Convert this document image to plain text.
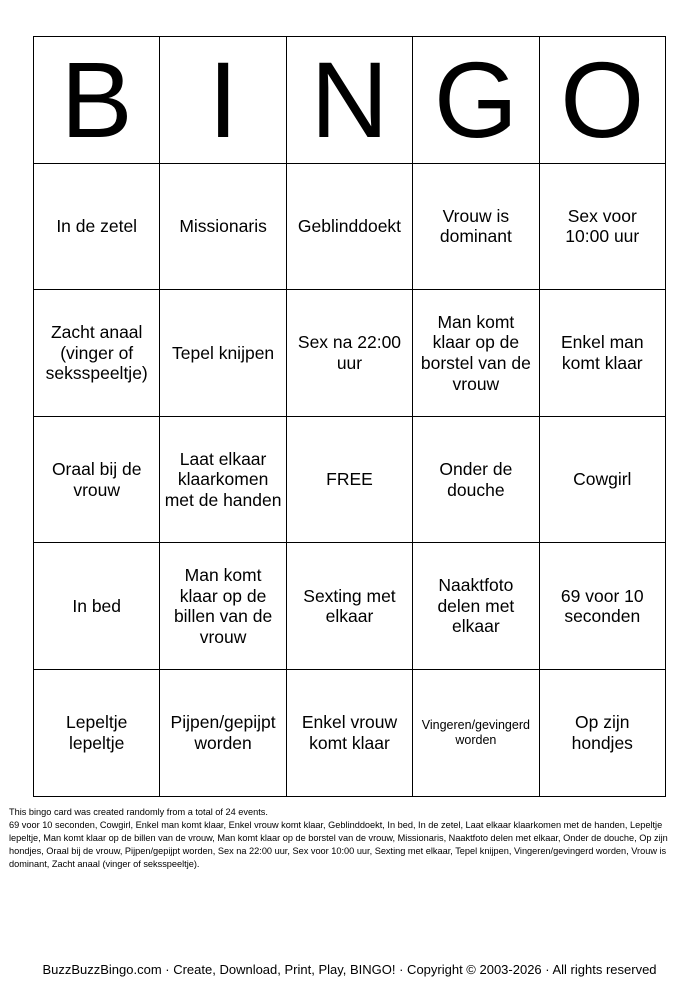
B	I	N	G	O
In de zetel	Missionaris	Geblinddoekt	Vrouw is dominant	Sex voor 10:00 uur
Zacht anaal (vinger of seksspeeltje)	Tepel knijpen	Sex na 22:00 uur	Man komt klaar op de borstel van de vrouw	Enkel man komt klaar
Oraal bij de vrouw	Laat elkaar klaarkomen met de handen	FREE	Onder de douche	Cowgirl
In bed	Man komt klaar op de billen van de vrouw	Sexting met elkaar	Naaktfoto delen met elkaar	69 voor 10 seconden
Lepeltje lepeltje	Pijpen/gepijpt worden	Enkel vrouw komt klaar	Vingeren/gevingerd worden	Op zijn hondjes
This bingo card was created randomly from a total of 24 events.
69 voor 10 seconden, Cowgirl, Enkel man komt klaar, Enkel vrouw komt klaar, Geblinddoekt, In bed, In de zetel, Laat elkaar klaarkomen met de handen, Lepeltje lepeltje, Man komt klaar op de billen van de vrouw, Man komt klaar op de borstel van de vrouw, Missionaris, Naaktfoto delen met elkaar, Onder de douche, Op zijn hondjes, Oraal bij de vrouw, Pijpen/gepijpt worden, Sex na 22:00 uur, Sex voor 10:00 uur, Sexting met elkaar, Tepel knijpen, Vingeren/gevingerd worden, Vrouw is dominant, Zacht anaal (vinger of seksspeeltje).
BuzzBuzzBingo.com · Create, Download, Print, Play, BINGO! · Copyright © 2003-2026 · All rights reserved
